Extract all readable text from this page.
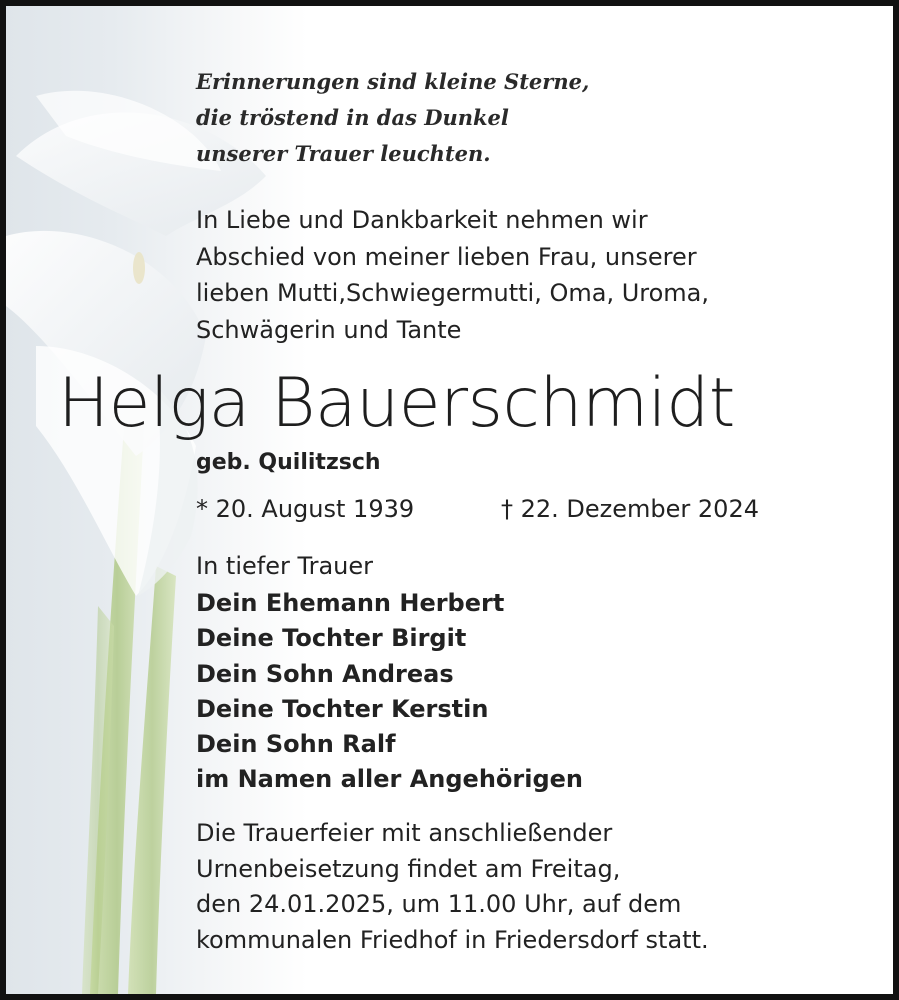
Erinnerungen sind kleine Sterne,
die tröstend in das Dunkel
unserer Trauer leuchten.
In Liebe und Dankbarkeit nehmen wir
Abschied von meiner lieben Frau, unserer
lieben Mutti,Schwiegermutti, Oma, Uroma,
Schwägerin und Tante
Helga Bauerschmidt
geb. Quilitzsch
* 20. August 1939	† 22. Dezember 2024
In tiefer Trauer
Dein Ehemann Herbert
Deine Tochter Birgit
Dein Sohn Andreas
Deine Tochter Kerstin
Dein Sohn Ralf
im Namen aller Angehörigen
Die Trauerfeier mit anschließender
Urnenbeisetzung findet am Freitag,
den 24.01.2025, um 11.00 Uhr, auf dem
kommunalen Friedhof in Friedersdorf statt.
